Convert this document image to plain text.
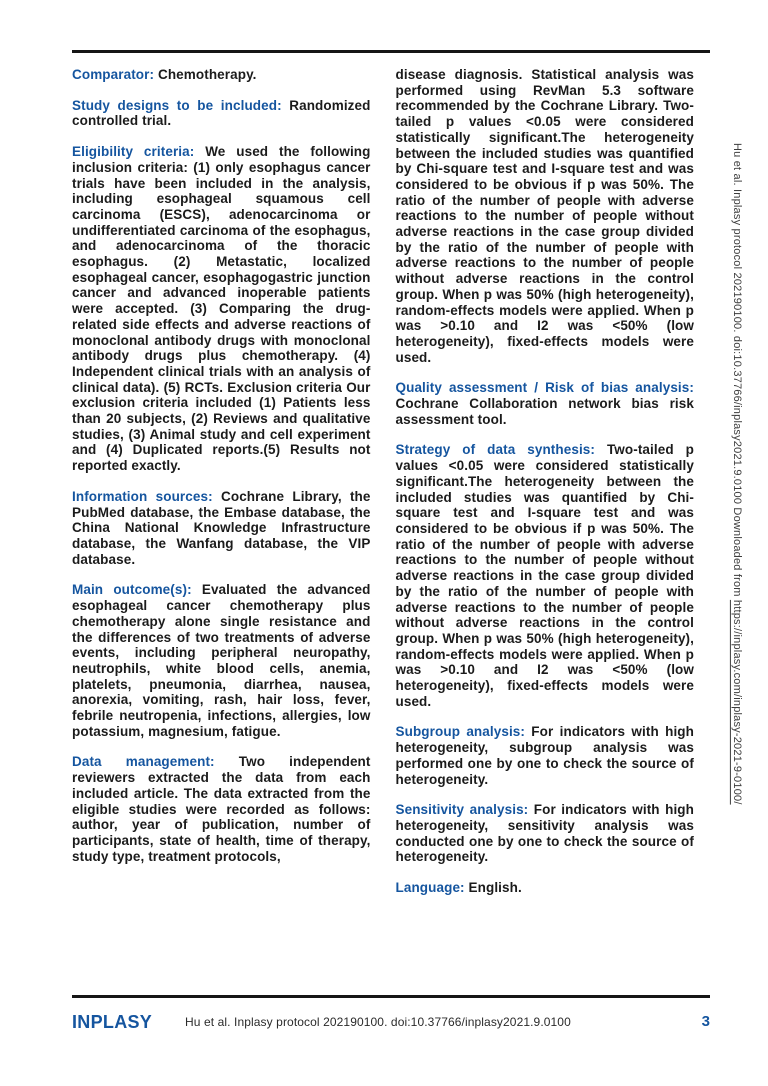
Comparator: Chemotherapy.

Study designs to be included: Randomized controlled trial.

Eligibility criteria: We used the following inclusion criteria: (1) only esophagus cancer trials have been included in the analysis, including esophageal squamous cell carcinoma (ESCS), adenocarcinoma or undifferentiated carcinoma of the esophagus, and adenocarcinoma of the thoracic esophagus. (2) Metastatic, localized esophageal cancer, esophagogastric junction cancer and advanced inoperable patients were accepted. (3) Comparing the drug-related side effects and adverse reactions of monoclonal antibody drugs with monoclonal antibody drugs plus chemotherapy. (4) Independent clinical trials with an analysis of clinical data). (5) RCTs. Exclusion criteria Our exclusion criteria included (1) Patients less than 20 subjects, (2) Reviews and qualitative studies, (3) Animal study and cell experiment and (4) Duplicated reports.(5) Results not reported exactly.

Information sources: Cochrane Library, the PubMed database, the Embase database, the China National Knowledge Infrastructure database, the Wanfang database, the VIP database.

Main outcome(s): Evaluated the advanced esophageal cancer chemotherapy plus chemotherapy alone single resistance and the differences of two treatments of adverse events, including peripheral neuropathy, neutrophils, white blood cells, anemia, platelets, pneumonia, diarrhea, nausea, anorexia, vomiting, rash, hair loss, fever, febrile neutropenia, infections, allergies, low potassium, magnesium, fatigue.

Data management: Two independent reviewers extracted the data from each included article. The data extracted from the eligible studies were recorded as follows: author, year of publication, number of participants, state of health, time of therapy, study type, treatment protocols,

disease diagnosis. Statistical analysis was performed using RevMan 5.3 software recommended by the Cochrane Library. Two-tailed p values <0.05 were considered statistically significant.The heterogeneity between the included studies was quantified by Chi-square test and I-square test and was considered to be obvious if p was 50%. The ratio of the number of people with adverse reactions to the number of people without adverse reactions in the case group divided by the ratio of the number of people with adverse reactions to the number of people without adverse reactions in the control group. When p was 50% (high heterogeneity), random-effects models were applied. When p was >0.10 and I2 was <50% (low heterogeneity), fixed-effects models were used.

Quality assessment / Risk of bias analysis: Cochrane Collaboration network bias risk assessment tool.

Strategy of data synthesis: Two-tailed p values <0.05 were considered statistically significant.The heterogeneity between the included studies was quantified by Chi-square test and I-square test and was considered to be obvious if p was 50%. The ratio of the number of people with adverse reactions to the number of people without adverse reactions in the case group divided by the ratio of the number of people with adverse reactions to the number of people without adverse reactions in the control group. When p was 50% (high heterogeneity), random-effects models were applied. When p was >0.10 and I2 was <50% (low heterogeneity), fixed-effects models were used.

Subgroup analysis: For indicators with high heterogeneity, subgroup analysis was performed one by one to check the source of heterogeneity.

Sensitivity analysis: For indicators with high heterogeneity, sensitivity analysis was conducted one by one to check the source of heterogeneity.

Language: English.

Hu et al. Inplasy protocol 202190100. doi:10.37766/inplasy2021.9.0100 Downloaded from https://inplasy.com/inplasy-2021-9-0100/
INPLASY	Hu et al. Inplasy protocol 202190100. doi:10.37766/inplasy2021.9.0100	3
